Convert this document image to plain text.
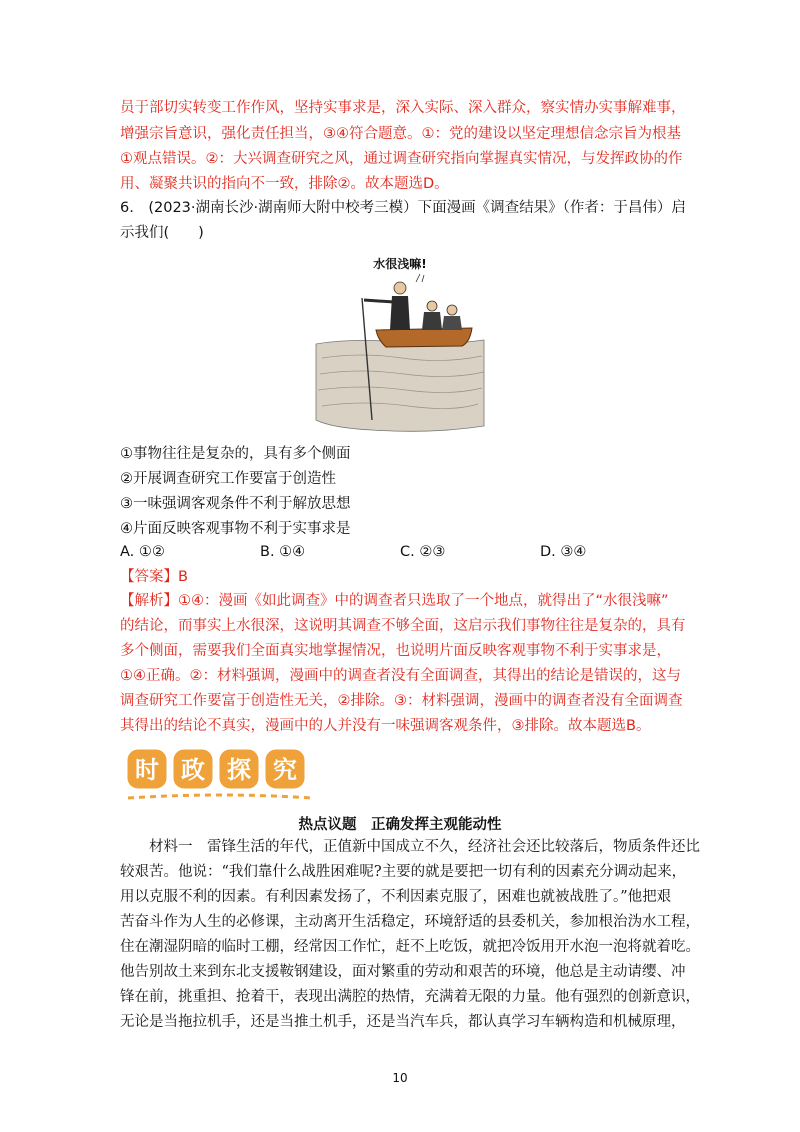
员于部切实转变工作作风，坚持实事求是，深入实际、深入群众，察实情办实事解难事，
增强宗旨意识，强化责任担当，③④符合题意。①：党的建设以坚定理想信念宗旨为根基
①观点错误。②：大兴调查研究之风，通过调查研究指向掌握真实情况，与发挥政协的作
用、凝聚共识的指向不一致，排除②。故本题选D。
6.　(2023·湖南长沙·湖南师大附中校考三模）下面漫画《调查结果》（作者：于昌伟）启
示我们(　　)
水很浅嘛!
①事物往往是复杂的，具有多个侧面
②开展调查研究工作要富于创造性
③一味强调客观条件不利于解放思想
④片面反映客观事物不利于实事求是
A. ①②	B. ①④	C. ②③	D. ③④
【答案】B
【解析】①④：漫画《如此调查》中的调查者只选取了一个地点，就得出了“水很浅嘛”
的结论，而事实上水很深，这说明其调查不够全面，这启示我们事物往往是复杂的，具有
多个侧面，需要我们全面真实地掌握情况，也说明片面反映客观事物不利于实事求是，
①④正确。②：材料强调，漫画中的调查者没有全面调查，其得出的结论是错误的，这与
调查研究工作要富于创造性无关，②排除。③：材料强调，漫画中的调查者没有全面调查
其得出的结论不真实，漫画中的人并没有一味强调客观条件，③排除。故本题选B。
时 政 探 究
热点议题　正确发挥主观能动性
　　材料一　雷锋生活的年代，正值新中国成立不久，经济社会还比较落后，物质条件还比
较艰苦。他说：“我们靠什么战胜困难呢?主要的就是要把一切有利的因素充分调动起来，
用以克服不利的因素。有利因素发扬了，不利因素克服了，困难也就被战胜了。”他把艰
苦奋斗作为人生的必修课，主动离开生活稳定，环境舒适的县委机关，参加根治沩水工程，
住在潮湿阴暗的临时工棚，经常因工作忙，赶不上吃饭，就把冷饭用开水泡一泡将就着吃。
他告别故土来到东北支援鞍钢建设，面对繁重的劳动和艰苦的环境，他总是主动请缨、冲
锋在前，挑重担、抢着干，表现出满腔的热情，充满着无限的力量。他有强烈的创新意识，
无论是当拖拉机手，还是当推土机手，还是当汽车兵，都认真学习车辆构造和机械原理，
10
